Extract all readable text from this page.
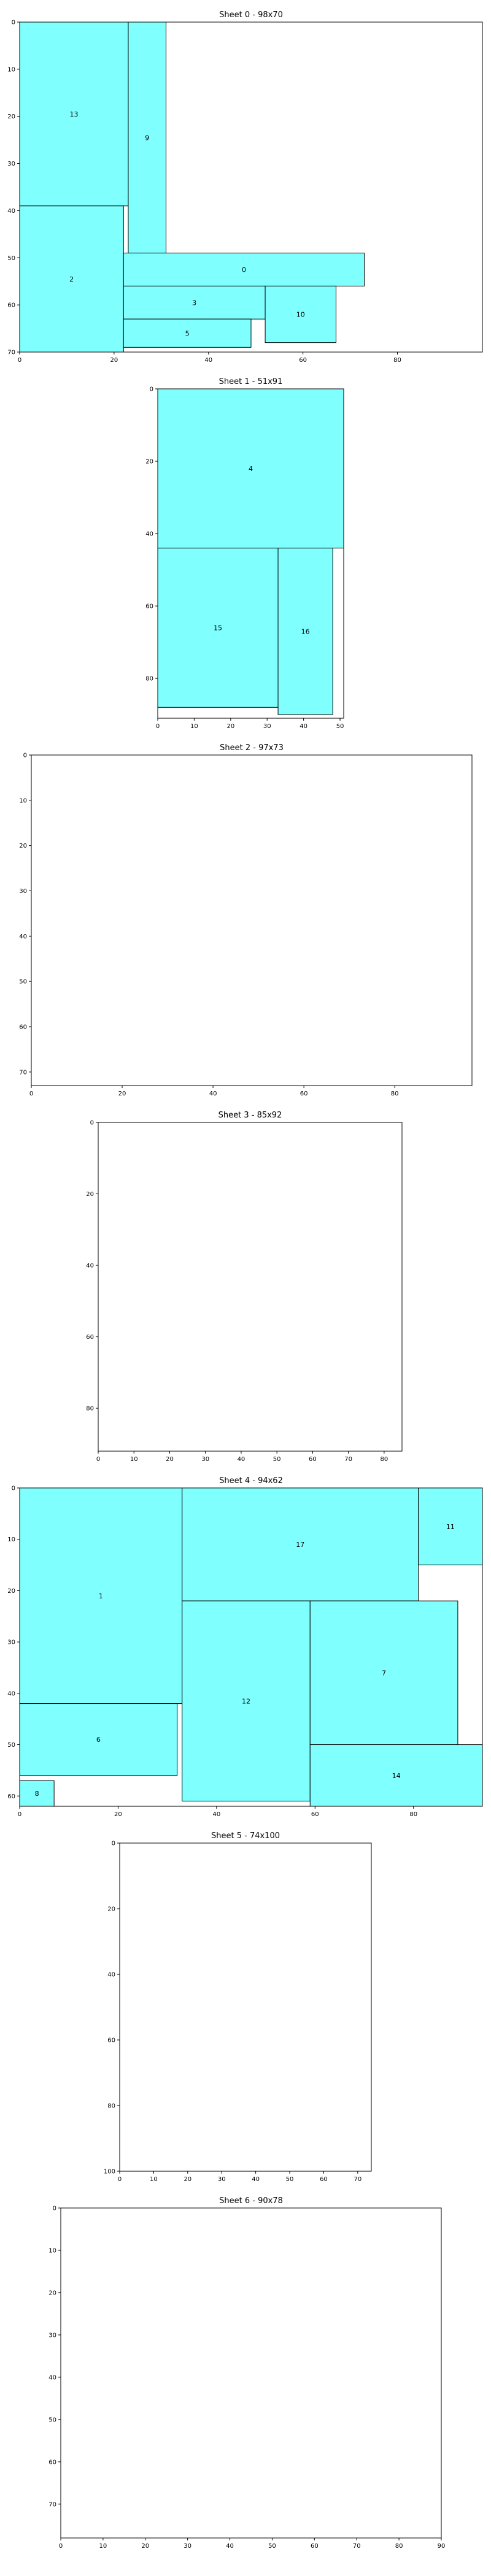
Sheet 0 - 98x70
13
9
2
0
3
10
5
0	20	40	60	80
0
10
20
30
40
50
60
70
Sheet 1 - 51x91
4
15	16
0	10	20	30	40	50
0
20
40
60
80
Sheet 2 - 97x73
0	20	40	60	80
0
10
20
30
40
50
60
70
Sheet 3 - 85x92
0	10	20	30	40	50	60	70	80
0
20
40
60
80
Sheet 4 - 94x62
1
17
11
12
7
6
14
8
0	20	40	60	80
0
10
20
30
40
50
60
Sheet 5 - 74x100
0	10	20	30	40	50	60	70
0
20
40
60
80
100
Sheet 6 - 90x78
0	10	20	30	40	50	60	70	80	90
0
10
20
30
40
50
60
70
